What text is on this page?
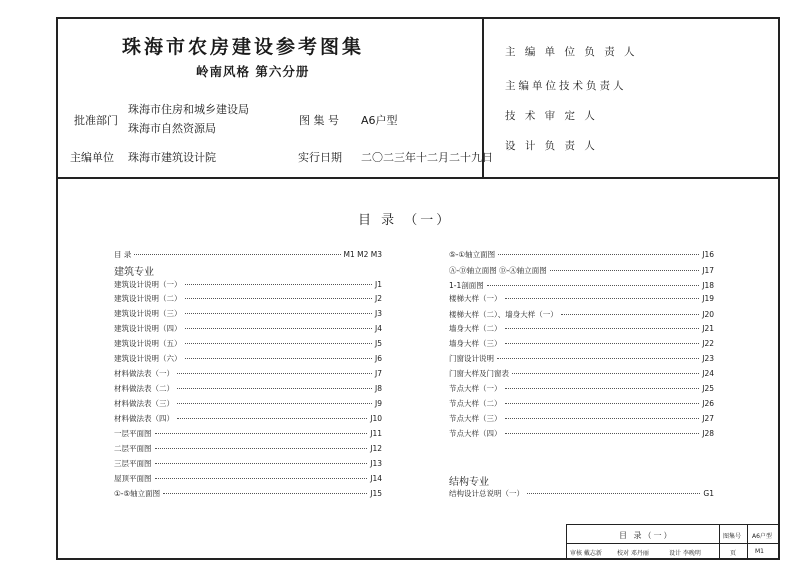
珠海市农房建设参考图集
岭南风格 第六分册
批准部门
珠海市住房和城乡建设局
珠海市自然资源局
图 集 号 A6户型
主编单位 珠海市建筑设计院	实行日期 二〇二三年十二月二十九日
主 编 单 位 负 责 人
主编单位技术负责人
技 术 审 定 人
设 计 负 责 人
目 录 （一）
目 录	M1 M2 M3
建筑专业
建筑设计说明（一）	J1
建筑设计说明（二）	J2
建筑设计说明（三）	J3
建筑设计说明（四）	J4
建筑设计说明（五）	J5
建筑设计说明（六）	J6
材料做法表（一）	J7
材料做法表（二）	J8
材料做法表（三）	J9
材料做法表（四）	J10
一层平面图	J11
二层平面图	J12
三层平面图	J13
屋顶平面图	J14
①-⑤轴立面图	J15
⑤-①轴立面图	J16
Ⓐ-Ⓓ轴立面图 Ⓓ-Ⓐ轴立面图	J17
1-1剖面图	J18
楼梯大样（一）	J19
楼梯大样（二）、墙身大样（一）	J20
墙身大样（二）	J21
墙身大样（三）	J22
门窗设计说明	J23
门窗大样及门窗表	J24
节点大样（一）	J25
节点大样（二）	J26
节点大样（三）	J27
节点大样（四）	J28
结构专业
结构设计总说明（一）	G1
目 录（一）	图集号 A6户型
审核 戴志新	校对 邓丹丽	设计 李晚明	页	M1
